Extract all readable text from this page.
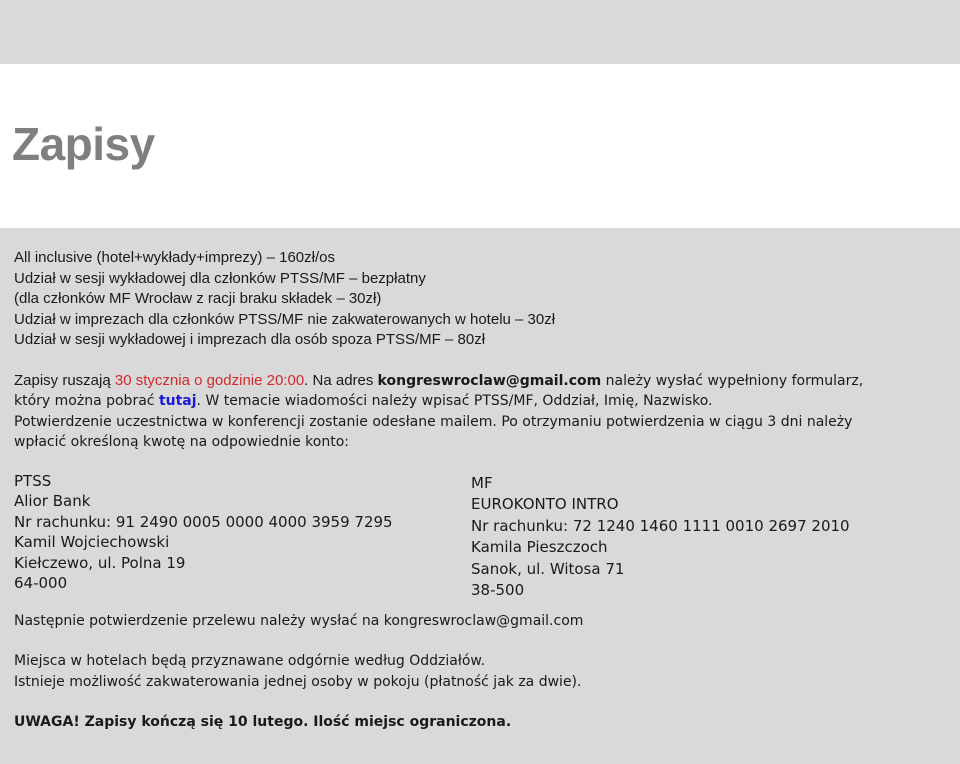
Zapisy
All inclusive (hotel+wykłady+imprezy) – 160zł/os
Udział w sesji wykładowej dla członków PTSS/MF – bezpłatny
(dla członków MF Wrocław z racji braku składek – 30zł)
Udział w imprezach dla członków PTSS/MF nie zakwaterowanych w hotelu – 30zł
Udział w sesji wykładowej i imprezach dla osób spoza PTSS/MF – 80zł
Zapisy ruszają 30 stycznia o godzinie 20:00. Na adres kongreswroclaw@gmail.com należy wysłać wypełniony formularz,
który można pobrać tutaj. W temacie wiadomości należy wpisać PTSS/MF, Oddział, Imię, Nazwisko.
Potwierdzenie uczestnictwa w konferencji zostanie odesłane mailem. Po otrzymaniu potwierdzenia w ciągu 3 dni należy
wpłacić określoną kwotę na odpowiednie konto:
PTSS
Alior Bank
Nr rachunku: 91 2490 0005 0000 4000 3959 7295
Kamil Wojciechowski
Kiełczewo, ul. Polna 19
64-000
MF
EUROKONTO INTRO
Nr rachunku: 72 1240 1460 1111 0010 2697 2010
Kamila Pieszczoch
Sanok, ul. Witosa 71
38-500
Następnie potwierdzenie przelewu należy wysłać na kongreswroclaw@gmail.com
Miejsca w hotelach będą przyznawane odgórnie według Oddziałów.
Istnieje możliwość zakwaterowania jednej osoby w pokoju (płatność jak za dwie).
UWAGA! Zapisy kończą się 10 lutego. Ilość miejsc ograniczona.
